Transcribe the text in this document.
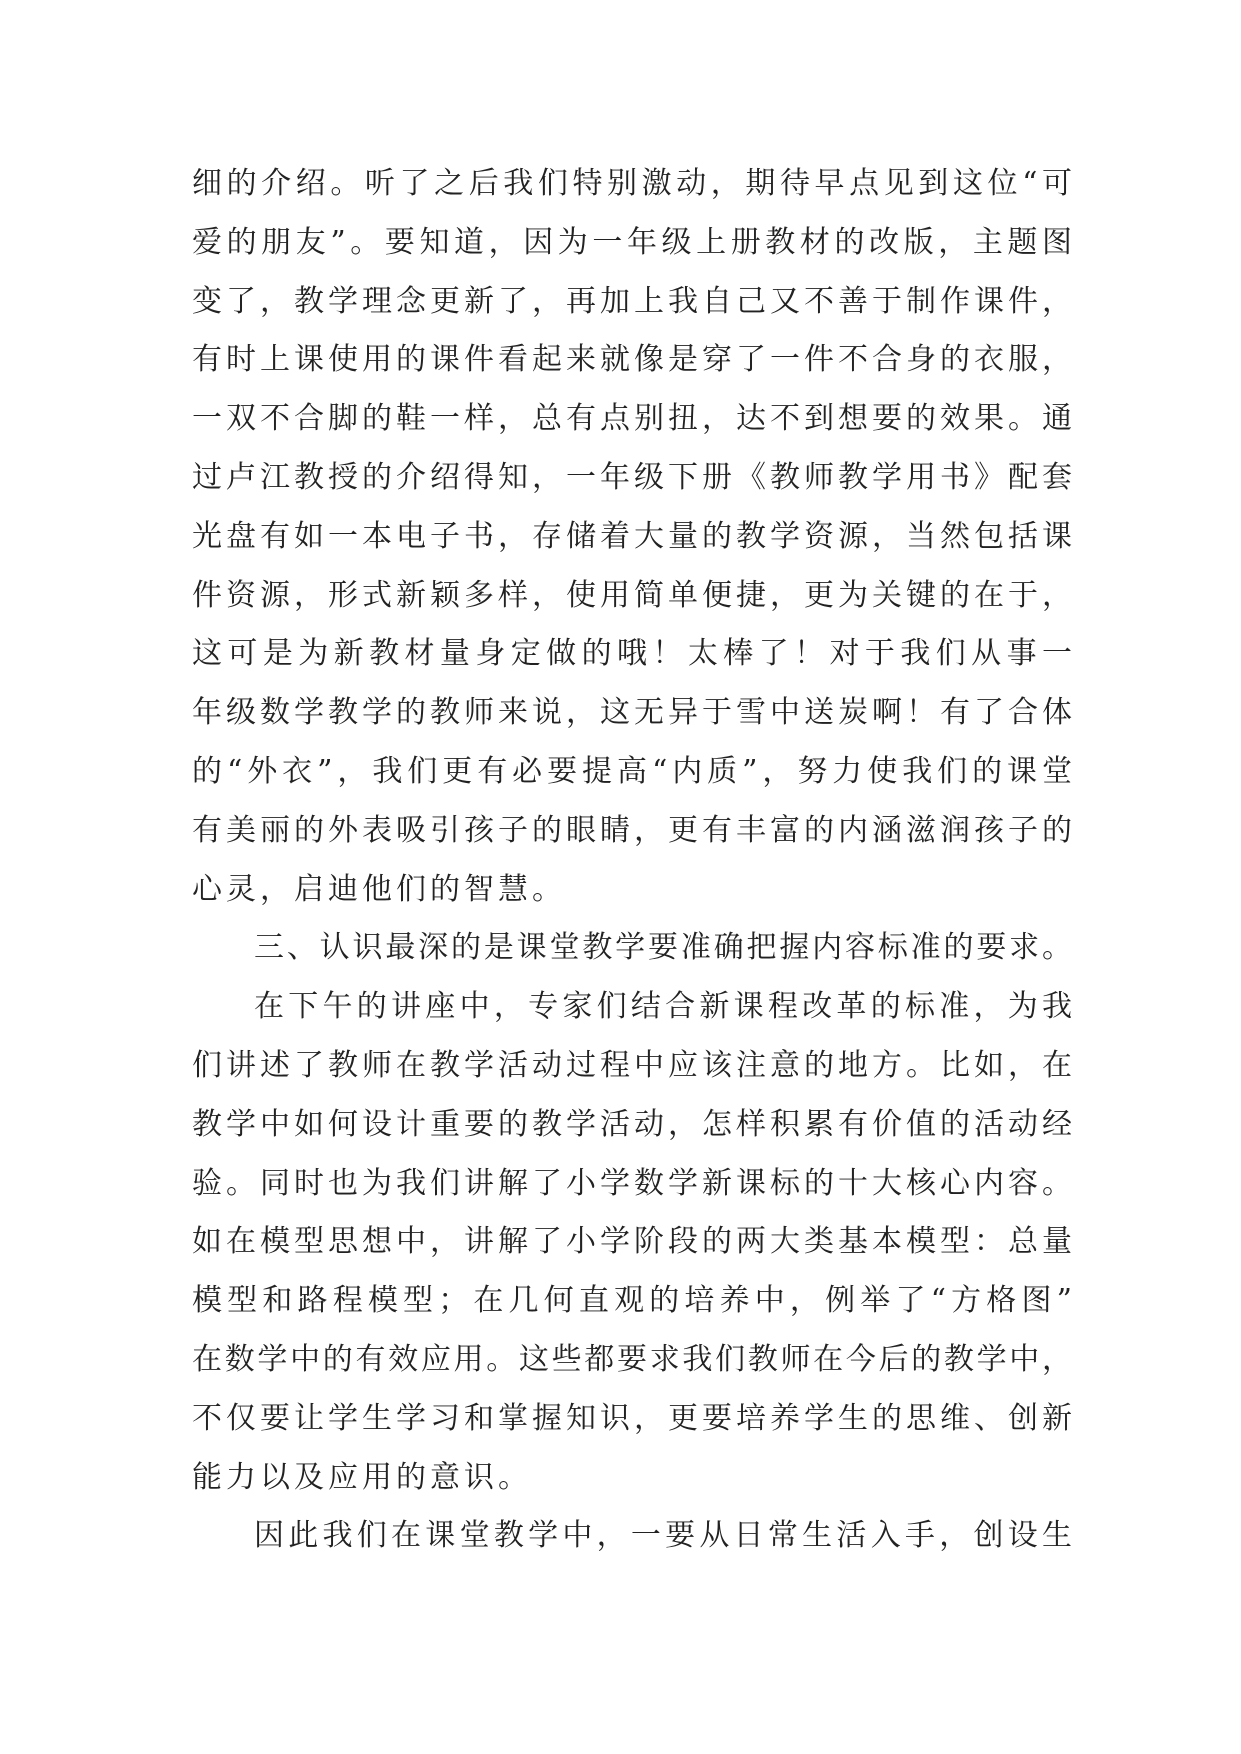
细的介绍。听了之后我们特别激动，期待早点见到这位“可
爱的朋友”。要知道，因为一年级上册教材的改版，主题图
变了，教学理念更新了，再加上我自己又不善于制作课件，
有时上课使用的课件看起来就像是穿了一件不合身的衣服，
一双不合脚的鞋一样，总有点别扭，达不到想要的效果。通
过卢江教授的介绍得知，一年级下册《教师教学用书》配套
光盘有如一本电子书，存储着大量的教学资源，当然包括课
件资源，形式新颖多样，使用简单便捷，更为关键的在于，
这可是为新教材量身定做的哦！太棒了！对于我们从事一
年级数学教学的教师来说，这无异于雪中送炭啊！有了合体
的“外衣”，我们更有必要提高“内质”，努力使我们的课堂
有美丽的外表吸引孩子的眼睛，更有丰富的内涵滋润孩子的
心灵，启迪他们的智慧。
三、认识最深的是课堂教学要准确把握内容标准的要求。
在下午的讲座中，专家们结合新课程改革的标准，为我
们讲述了教师在教学活动过程中应该注意的地方。比如，在
教学中如何设计重要的教学活动，怎样积累有价值的活动经
验。同时也为我们讲解了小学数学新课标的十大核心内容。
如在模型思想中，讲解了小学阶段的两大类基本模型：总量
模型和路程模型；在几何直观的培养中，例举了“方格图”
在数学中的有效应用。这些都要求我们教师在今后的教学中，
不仅要让学生学习和掌握知识，更要培养学生的思维、创新
能力以及应用的意识。
因此我们在课堂教学中，一要从日常生活入手，创设生
